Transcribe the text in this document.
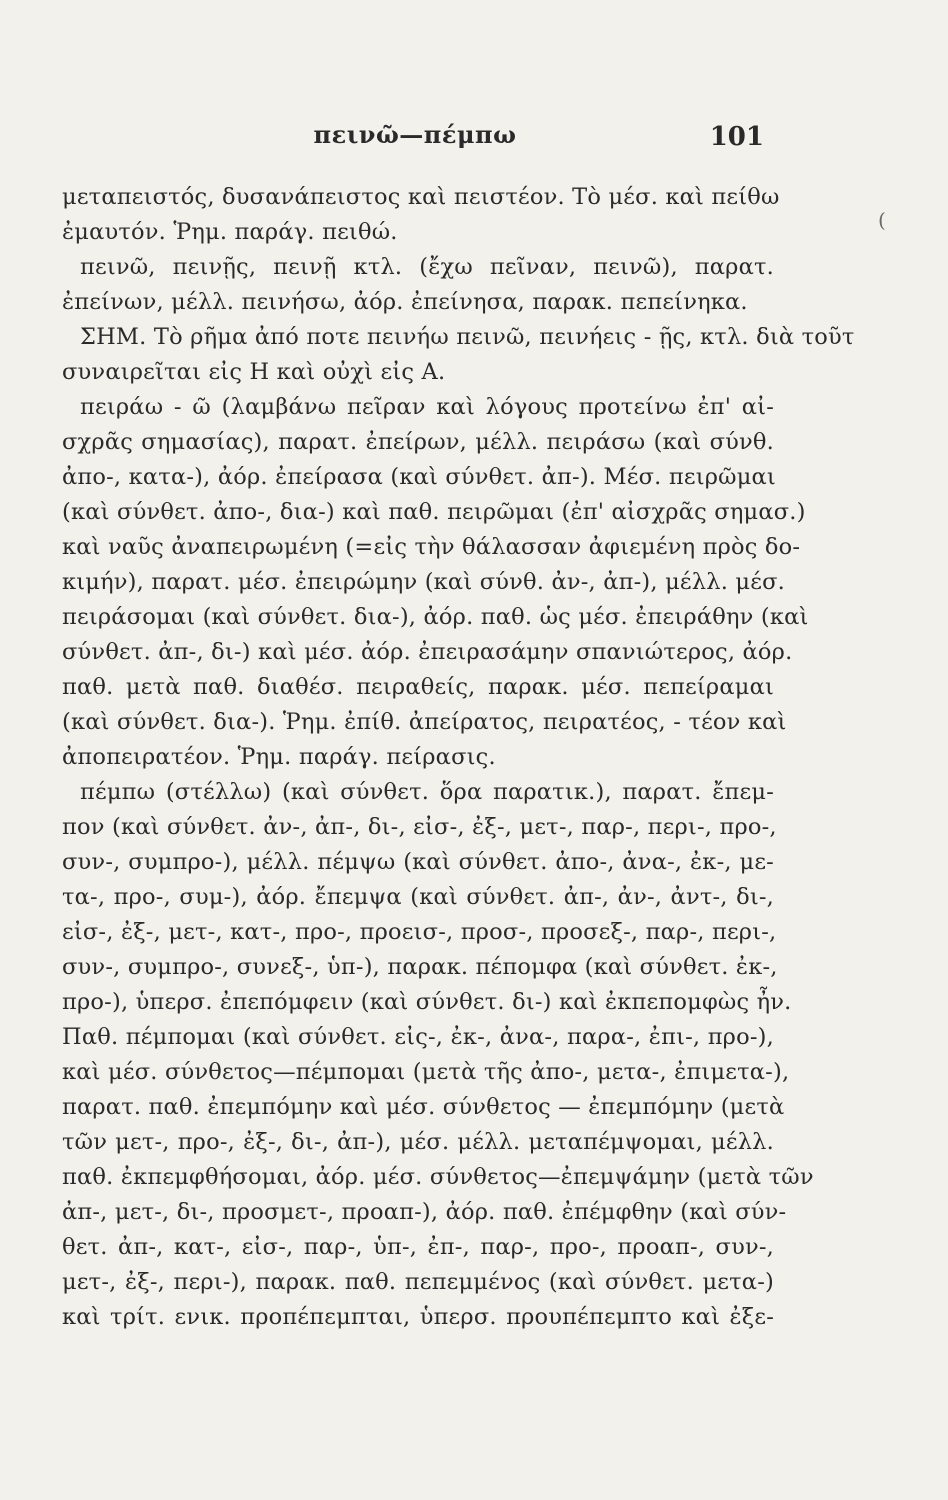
πεινῶ—πέμπω	101
(
μεταπειστός, δυσανάπειστος καὶ πειστέον. Τὸ μέσ. καὶ πείθω
ἐμαυτόν. Ῥημ. παράγ. πειθώ.
πεινῶ, πεινῇς, πεινῇ κτλ. (ἔχω πεῖναν, πεινῶ), παρατ.
ἐπείνων, μέλλ. πεινήσω, ἀόρ. ἐπείνησα, παρακ. πεπείνηκα.
ΣΗΜ. Τὸ ρῆμα ἀπό ποτε πεινήω πεινῶ, πεινήεις - ῇς, κτλ. διὰ τοῦτ
συναιρεῖται εἰς Η καὶ οὐχὶ εἰς Α.
πειράω - ῶ (λαμβάνω πεῖραν καὶ λόγους προτείνω ἐπ' αἰ-
σχρᾶς σημασίας), παρατ. ἐπείρων, μέλλ. πειράσω (καὶ σύνθ.
ἀπο-, κατα-), ἀόρ. ἐπείρασα (καὶ σύνθετ. ἀπ-). Μέσ. πειρῶμαι
(καὶ σύνθετ. ἀπο-, δια-) καὶ παθ. πειρῶμαι (ἐπ' αἰσχρᾶς σημασ.)
καὶ ναῦς ἀναπειρωμένη (=εἰς τὴν θάλασσαν ἀφιεμένη πρὸς δο-
κιμήν), παρατ. μέσ. ἐπειρώμην (καὶ σύνθ. ἀν-, ἀπ-), μέλλ. μέσ.
πειράσομαι (καὶ σύνθετ. δια-), ἀόρ. παθ. ὡς μέσ. ἐπειράθην (καὶ
σύνθετ. ἀπ-, δι-) καὶ μέσ. ἀόρ. ἐπειρασάμην σπανιώτερος, ἀόρ.
παθ. μετὰ παθ. διαθέσ. πειραθείς, παρακ. μέσ. πεπείραμαι
(καὶ σύνθετ. δια-). Ῥημ. ἐπίθ. ἀπείρατος, πειρατέος, - τέον καὶ
ἀποπειρατέον. Ῥημ. παράγ. πείρασις.
πέμπω (στέλλω) (καὶ σύνθετ. ὅρα παρατικ.), παρατ. ἔπεμ-
πον (καὶ σύνθετ. ἀν-, ἀπ-, δι-, εἰσ-, ἐξ-, μετ-, παρ-, περι-, προ-,
συν-, συμπρο-), μέλλ. πέμψω (καὶ σύνθετ. ἀπο-, ἀνα-, ἐκ-, με-
τα-, προ-, συμ-), ἀόρ. ἔπεμψα (καὶ σύνθετ. ἀπ-, ἀν-, ἀντ-, δι-,
εἰσ-, ἐξ-, μετ-, κατ-, προ-, προεισ-, προσ-, προσεξ-, παρ-, περι-,
συν-, συμπρο-, συνεξ-, ὑπ-), παρακ. πέπομφα (καὶ σύνθετ. ἐκ-,
προ-), ὑπερσ. ἐπεπόμφειν (καὶ σύνθετ. δι-) καὶ ἐκπεπομφὼς ἦν.
Παθ. πέμπομαι (καὶ σύνθετ. εἰς-, ἐκ-, ἀνα-, παρα-, ἐπι-, προ-),
καὶ μέσ. σύνθετος—πέμπομαι (μετὰ τῆς ἀπο-, μετα-, ἐπιμετα-),
παρατ. παθ. ἐπεμπόμην καὶ μέσ. σύνθετος — ἐπεμπόμην (μετὰ
τῶν μετ-, προ-, ἐξ-, δι-, ἀπ-), μέσ. μέλλ. μεταπέμψομαι, μέλλ.
παθ. ἐκπεμφθήσομαι, ἀόρ. μέσ. σύνθετος—ἐπεμψάμην (μετὰ τῶν
ἀπ-, μετ-, δι-, προσμετ-, προαπ-), ἀόρ. παθ. ἐπέμφθην (καὶ σύν-
θετ. ἀπ-, κατ-, εἰσ-, παρ-, ὑπ-, ἐπ-, παρ-, προ-, προαπ-, συν-,
μετ-, ἐξ-, περι-), παρακ. παθ. πεπεμμένος (καὶ σύνθετ. μετα-)
καὶ τρίτ. ενικ. προπέπεμπται, ὑπερσ. προυπέπεμπτο καὶ ἐξε-
